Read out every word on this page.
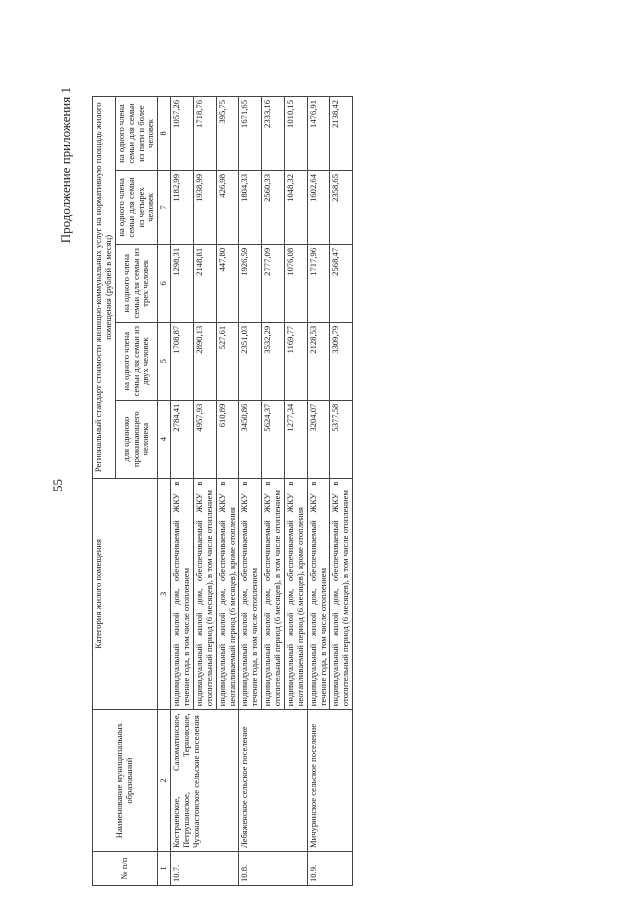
55
Продолжение приложения 1
№ п/п	Наименование муниципальных образований	Категория жилого помещения	Региональный стандарт стоимости жилищно-коммунальных услуг на нормативную площадь жилого помещения (рублей в месяц)				
			для одиноко проживающего человека	на одного члена семьи для семьи из двух человек	на одного члена семьи для семьи из трех человек	на одного члена семьи для семьи из четырех человек	на одного члена семьи для семьи из пяти и более человек
1	2	3	4	5	6	7	8
10.7.	Кострaевское, Саломатинское, Петрушинское, Терновское, Чухонастовское сельские поселения	индивидуальный жилой дом, обеспечиваемый ЖКУ в течение года, в том числе отоплением	2784,41	1708,87	1298,31	1182,99	1057,26
		индивидуальный жилой дом, обеспечиваемый ЖКУ в отопительный период (6 месяцев), в том числе отоплением	4957,93	2890,13	2148,81	1938,99	1718,76
		индивидуальный жилой дом, обеспечиваемый ЖКУ в неотапливаемый период (6 месяцев), кроме отопления	610,89	527,61	447,80	426,98	395,75
10.8.	Лебяженское сельское поселение	индивидуальный жилой дом, обеспечиваемый ЖКУ в течение года, в том числе отоплением	3450,86	2351,03	1926,59	1804,33	1671,65
		индивидуальный жилой дом, обеспечиваемый ЖКУ в отопительный период (6 месяцев), в том числе отоплением	5624,37	3532,29	2777,09	2560,33	2333,16
		индивидуальный жилой дом, обеспечиваемый ЖКУ в неотапливаемый период (6 месяцев), кроме отопления	1277,34	1169,77	1076,08	1048,32	1010,15
10.9.	Мичуринское сельское поселение	индивидуальный жилой дом, обеспечиваемый ЖКУ в течение года, в том числе отоплением	3204,07	2128,53	1717,96	1602,64	1476,91
		индивидуальный жилой дом, обеспечиваемый ЖКУ в отопительный период (6 месяцев), в том числе отоплением	5377,58	3309,79	2568,47	2358,65	2138,42
